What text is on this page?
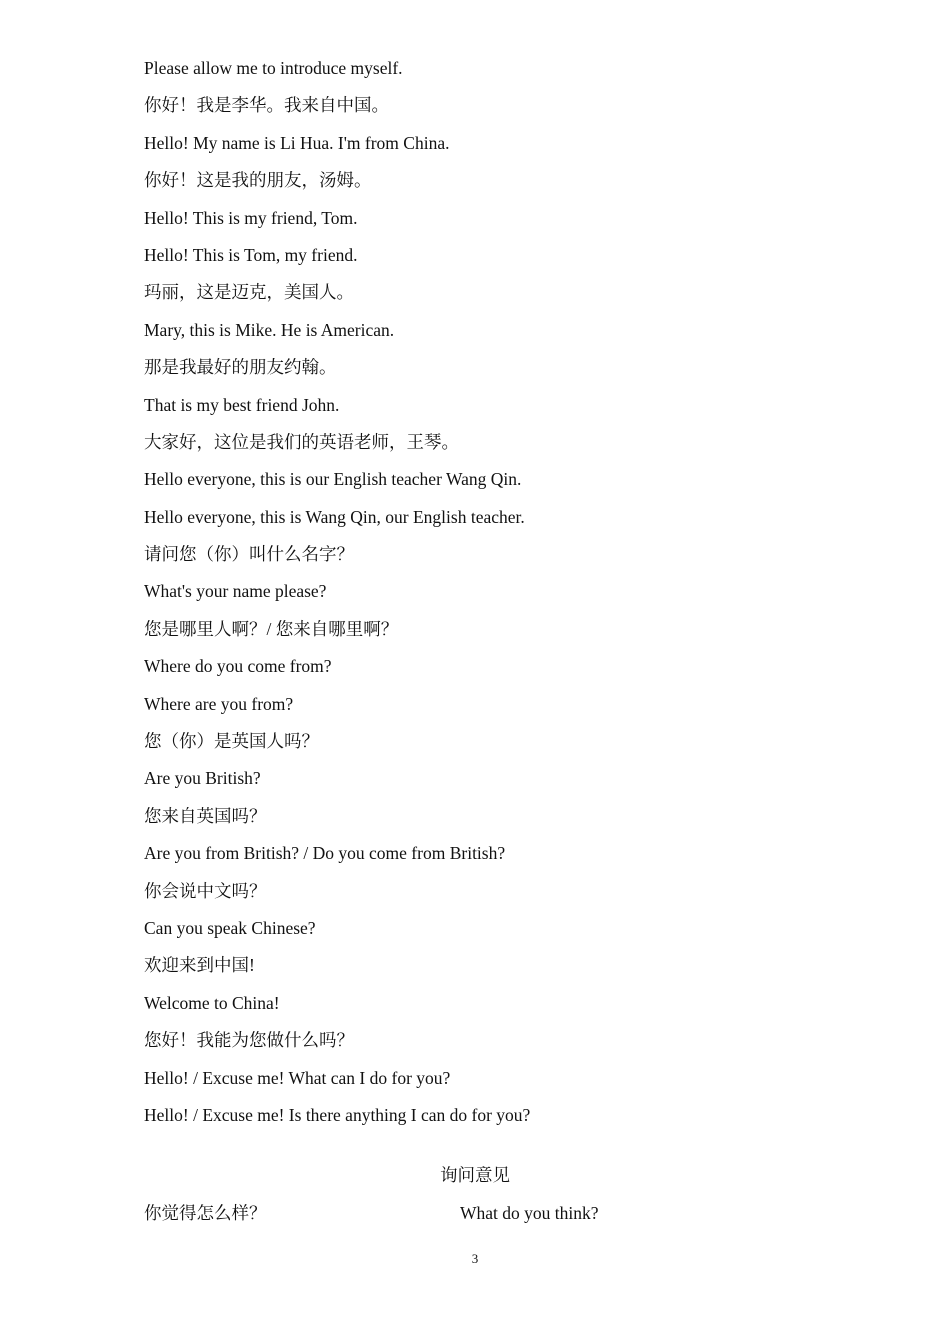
Please allow me to introduce myself.
你好！我是李华。我来自中国。
Hello! My name is Li Hua. I'm from China.
你好！这是我的朋友，汤姆。
Hello! This is my friend, Tom.
Hello! This is Tom, my friend.
玛丽，这是迈克，美国人。
Mary, this is Mike. He is American.
那是我最好的朋友约翰。
That is my best friend John.
大家好，这位是我们的英语老师，王琴。
Hello everyone, this is our English teacher Wang Qin.
Hello everyone, this is Wang Qin, our English teacher.
请问您（你）叫什么名字？
What's your name please?
您是哪里人啊？/ 您来自哪里啊？
Where do you come from?
Where are you from?
您（你）是英国人吗？
Are you British?
您来自英国吗？
Are you from British? / Do you come from British?
你会说中文吗？
Can you speak Chinese?
欢迎来到中国!
Welcome to China!
您好！我能为您做什么吗？
Hello! / Excuse me! What can I do for you?
Hello! / Excuse me! Is there anything I can do for you?
询问意见
你觉得怎么样？	What do you think?
3
